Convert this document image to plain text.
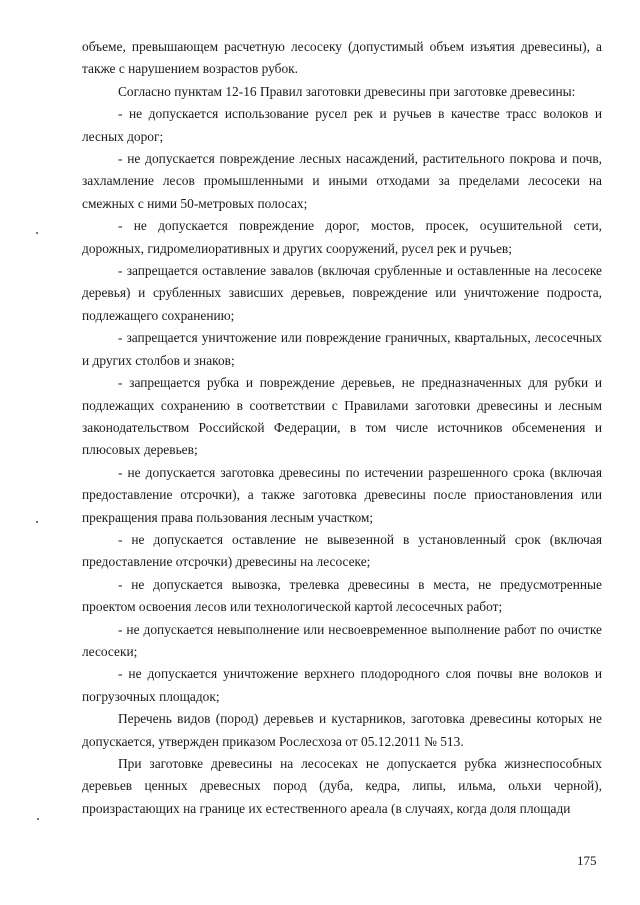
объеме, превышающем расчетную лесосеку (допустимый объем изъятия древесины), а также с нарушением возрастов рубок.

Согласно пунктам 12-16 Правил заготовки древесины при заготовке древесины:

- не допускается использование русел рек и ручьев в качестве трасс волоков и лесных дорог;

- не допускается повреждение лесных насаждений, растительного покрова и почв, захламление лесов промышленными и иными отходами за пределами лесосеки на смежных с ними 50-метровых полосах;

- не допускается повреждение дорог, мостов, просек, осушительной сети, дорожных, гидромелиоративных и других сооружений, русел рек и ручьев;

- запрещается оставление завалов (включая срубленные и оставленные на лесосеке деревья) и срубленных зависших деревьев, повреждение или уничтожение подроста, подлежащего сохранению;

- запрещается уничтожение или повреждение граничных, квартальных, лесосечных и других столбов и знаков;

- запрещается рубка и повреждение деревьев, не предназначенных для рубки и подлежащих сохранению в соответствии с Правилами заготовки древесины и лесным законодательством Российской Федерации, в том числе источников обсеменения и плюсовых деревьев;

- не допускается заготовка древесины по истечении разрешенного срока (включая предоставление отсрочки), а также заготовка древесины после приостановления или прекращения права пользования лесным участком;

- не допускается оставление не вывезенной в установленный срок (включая предоставление отсрочки) древесины на лесосеке;

- не допускается вывозка, трелевка древесины в места, не предусмотренные проектом освоения лесов или технологической картой лесосечных работ;

- не допускается невыполнение или несвоевременное выполнение работ по очистке лесосеки;

- не допускается уничтожение верхнего плодородного слоя почвы вне волоков и погрузочных площадок;

Перечень видов (пород) деревьев и кустарников, заготовка древесины которых не допускается, утвержден приказом Рослесхоза от 05.12.2011 № 513.

При заготовке древесины на лесосеках не допускается рубка жизнеспособных деревьев ценных древесных пород (дуба, кедра, липы, ильма, ольхи черной), произрастающих на границе их естественного ареала (в случаях, когда доля площади

175
